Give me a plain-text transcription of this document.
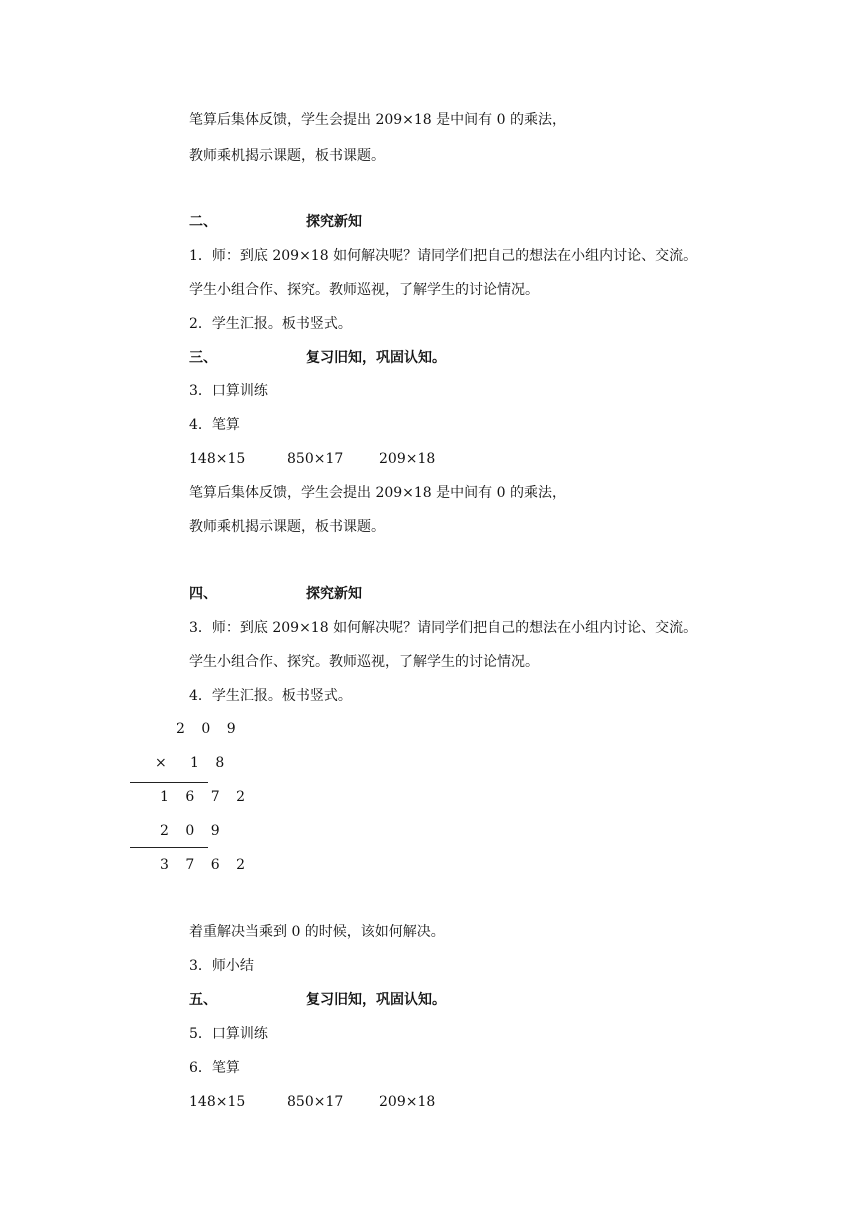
笔算后集体反馈，学生会提出 209×18 是中间有 0 的乘法，
教师乘机揭示课题，板书课题。
二、	探究新知
1．师：到底 209×18 如何解决呢？请同学们把自己的想法在小组内讨论、交流。
学生小组合作、探究。教师巡视，了解学生的讨论情况。
2．学生汇报。板书竖式。
三、	复习旧知，巩固认知。
3．口算训练
4．笔算
148×15	850×17	209×18
笔算后集体反馈，学生会提出 209×18 是中间有 0 的乘法，
教师乘机揭示课题，板书课题。
四、	探究新知
3．师：到底 209×18 如何解决呢？请同学们把自己的想法在小组内讨论、交流。
学生小组合作、探究。教师巡视，了解学生的讨论情况。
4．学生汇报。板书竖式。
2 0 9
× 1 8
1 6 7 2
2 0 9
3 7 6 2
着重解决当乘到 0 的时候，该如何解决。
3．师小结
五、	复习旧知，巩固认知。
5．口算训练
6．笔算
148×15	850×17	209×18
